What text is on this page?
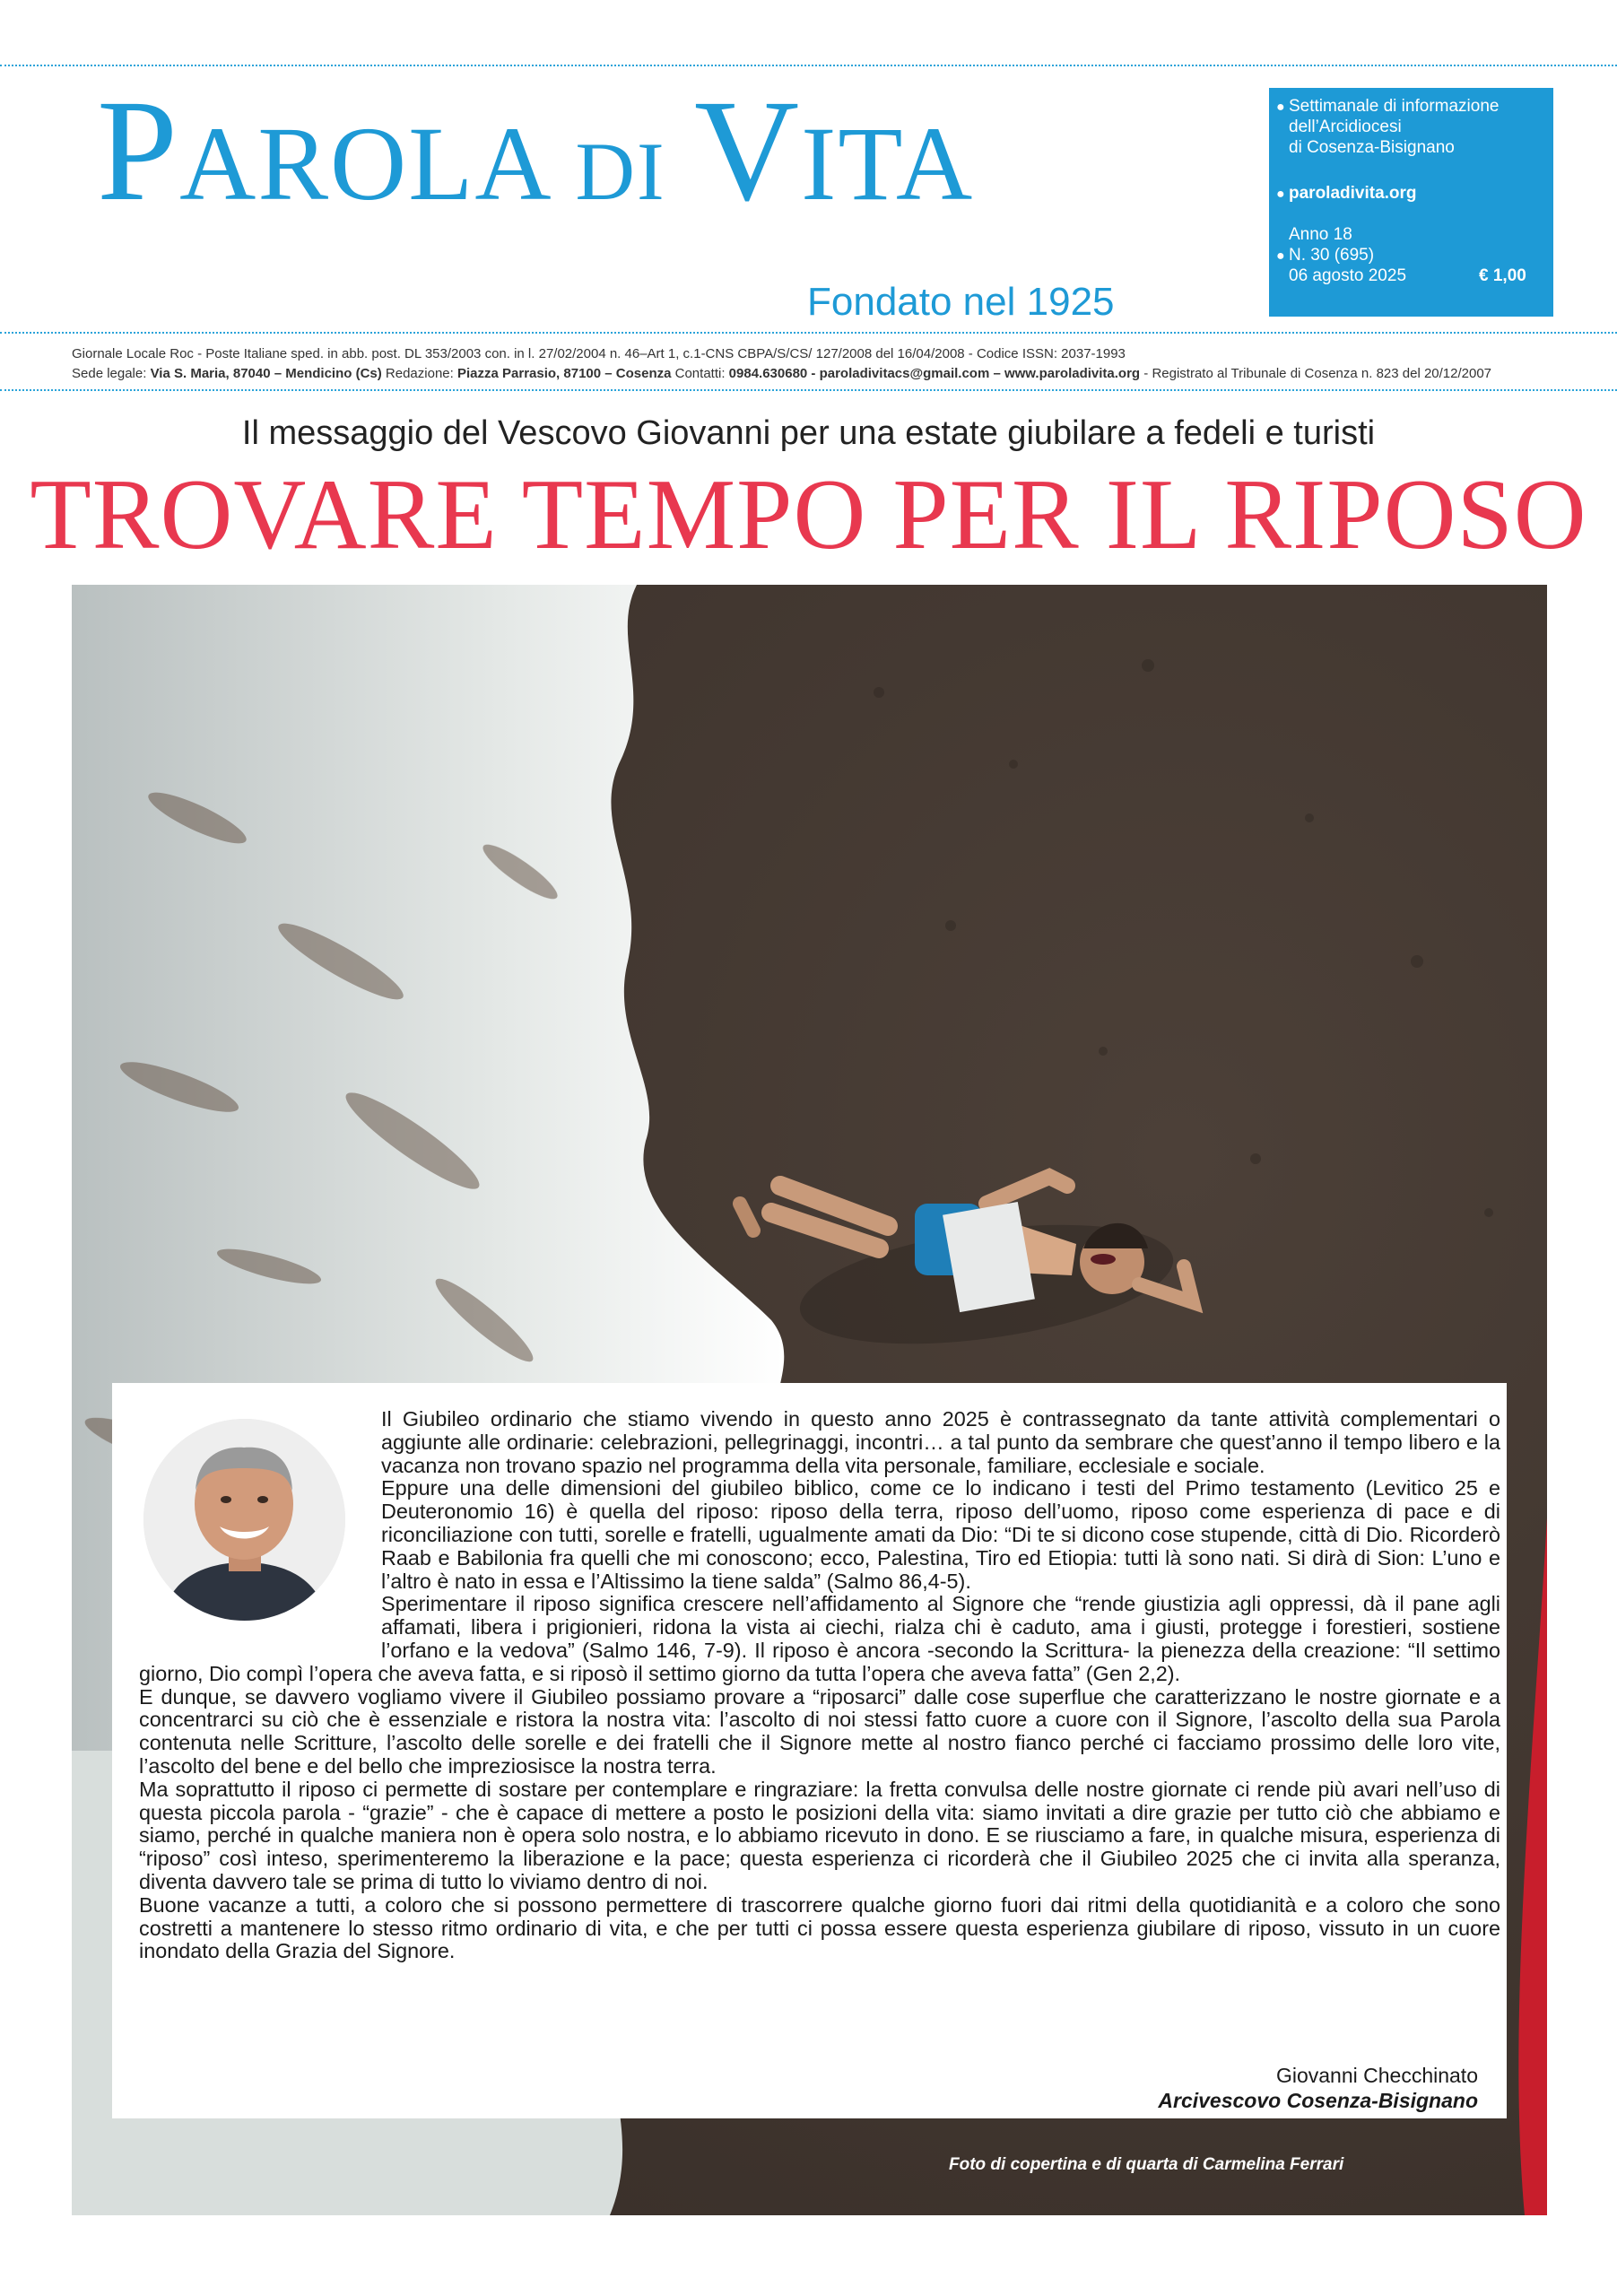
PAROLA DI VITA
Fondato nel 1925
● Settimanale di informazione
dell’Arcidiocesi
di Cosenza-Bisignano
● paroladivita.org
Anno 18
● N. 30 (695)
06 agosto 2025	€ 1,00
Giornale Locale Roc - Poste Italiane sped. in abb. post. DL 353/2003 con. in l. 27/02/2004 n. 46–Art 1, c.1-CNS CBPA/S/CS/ 127/2008 del 16/04/2008 - Codice ISSN: 2037-1993
Sede legale: Via S. Maria, 87040 – Mendicino (Cs) Redazione: Piazza Parrasio, 87100 – Cosenza Contatti: 0984.630680 - paroladivitacs@gmail.com – www.paroladivita.org - Registrato al Tribunale di Cosenza n. 823 del 20/12/2007
Il messaggio del Vescovo Giovanni per una estate giubilare a fedeli e turisti
TROVARE TEMPO PER IL RIPOSO

Il Giubileo ordinario che stiamo vivendo in questo anno 2025 è contrassegnato da tante attività complementari o aggiunte alle ordinarie: celebrazioni, pellegrinaggi, incontri… a tal punto da sembrare che quest’anno il tempo libero e la vacanza non trovano spazio nel programma della vita personale, familiare, ecclesiale e sociale.

Eppure una delle dimensioni del giubileo biblico, come ce lo indicano i testi del Primo testamento (Levitico 25 e Deuteronomio 16) è quella del riposo: riposo della terra, riposo dell’uomo, riposo come esperienza di pace e di riconciliazione con tutti, sorelle e fratelli, ugualmente amati da Dio: “Di te si dicono cose stupende, città di Dio. Ricorderò Raab e Babilonia fra quelli che mi conoscono; ecco, Palestina, Tiro ed Etiopia: tutti là sono nati. Si dirà di Sion: L’uno e l’altro è nato in essa e l’Altissimo la tiene salda” (Salmo 86,4-5).

Sperimentare il riposo significa crescere nell’affidamento al Signore che “rende giustizia agli oppressi, dà il pane agli affamati, libera i prigionieri, ridona la vista ai ciechi, rialza chi è caduto, ama i giusti, protegge i forestieri, sostiene l’orfano e la vedova” (Salmo 146, 7-9). Il riposo è ancora -secondo la Scrittura- la pienezza della creazione: “Il settimo giorno, Dio compì l’opera che aveva fatta, e si riposò il settimo giorno da tutta l’opera che aveva fatta” (Gen 2,2).

E dunque, se davvero vogliamo vivere il Giubileo possiamo provare a “riposarci” dalle cose superflue che caratterizzano le nostre giornate e a concentrarci su ciò che è essenziale e ristora la nostra vita: l’ascolto di noi stessi fatto cuore a cuore con il Signore, l’ascolto della sua Parola contenuta nelle Scritture, l’ascolto delle sorelle e dei fratelli che il Signore mette al nostro fianco perché ci facciamo prossimo delle loro vite, l’ascolto del bene e del bello che impreziosisce la nostra terra.

Ma soprattutto il riposo ci permette di sostare per contemplare e ringraziare: la fretta convulsa delle nostre giornate ci rende più avari nell’uso di questa piccola parola - “grazie” - che è capace di mettere a posto le posizioni della vita: siamo invitati a dire grazie per tutto ciò che abbiamo e siamo, perché in qualche maniera non è opera solo nostra, e lo abbiamo ricevuto in dono. E se riusciamo a fare, in qualche misura, esperienza di “riposo” così inteso, sperimenteremo la liberazione e la pace; questa esperienza ci ricorderà che il Giubileo 2025 che ci invita alla speranza, diventa davvero tale se prima di tutto lo viviamo dentro di noi.

Buone vacanze a tutti, a coloro che si possono permettere di trascorrere qualche giorno fuori dai ritmi della quotidianità e a coloro che sono costretti a mantenere lo stesso ritmo ordinario di vita, e che per tutti ci possa essere questa esperienza giubilare di riposo, vissuto in un cuore inondato della Grazia del Signore.

Giovanni Checchinato
Arcivescovo Cosenza-Bisignano
Foto di copertina e di quarta di Carmelina Ferrari
